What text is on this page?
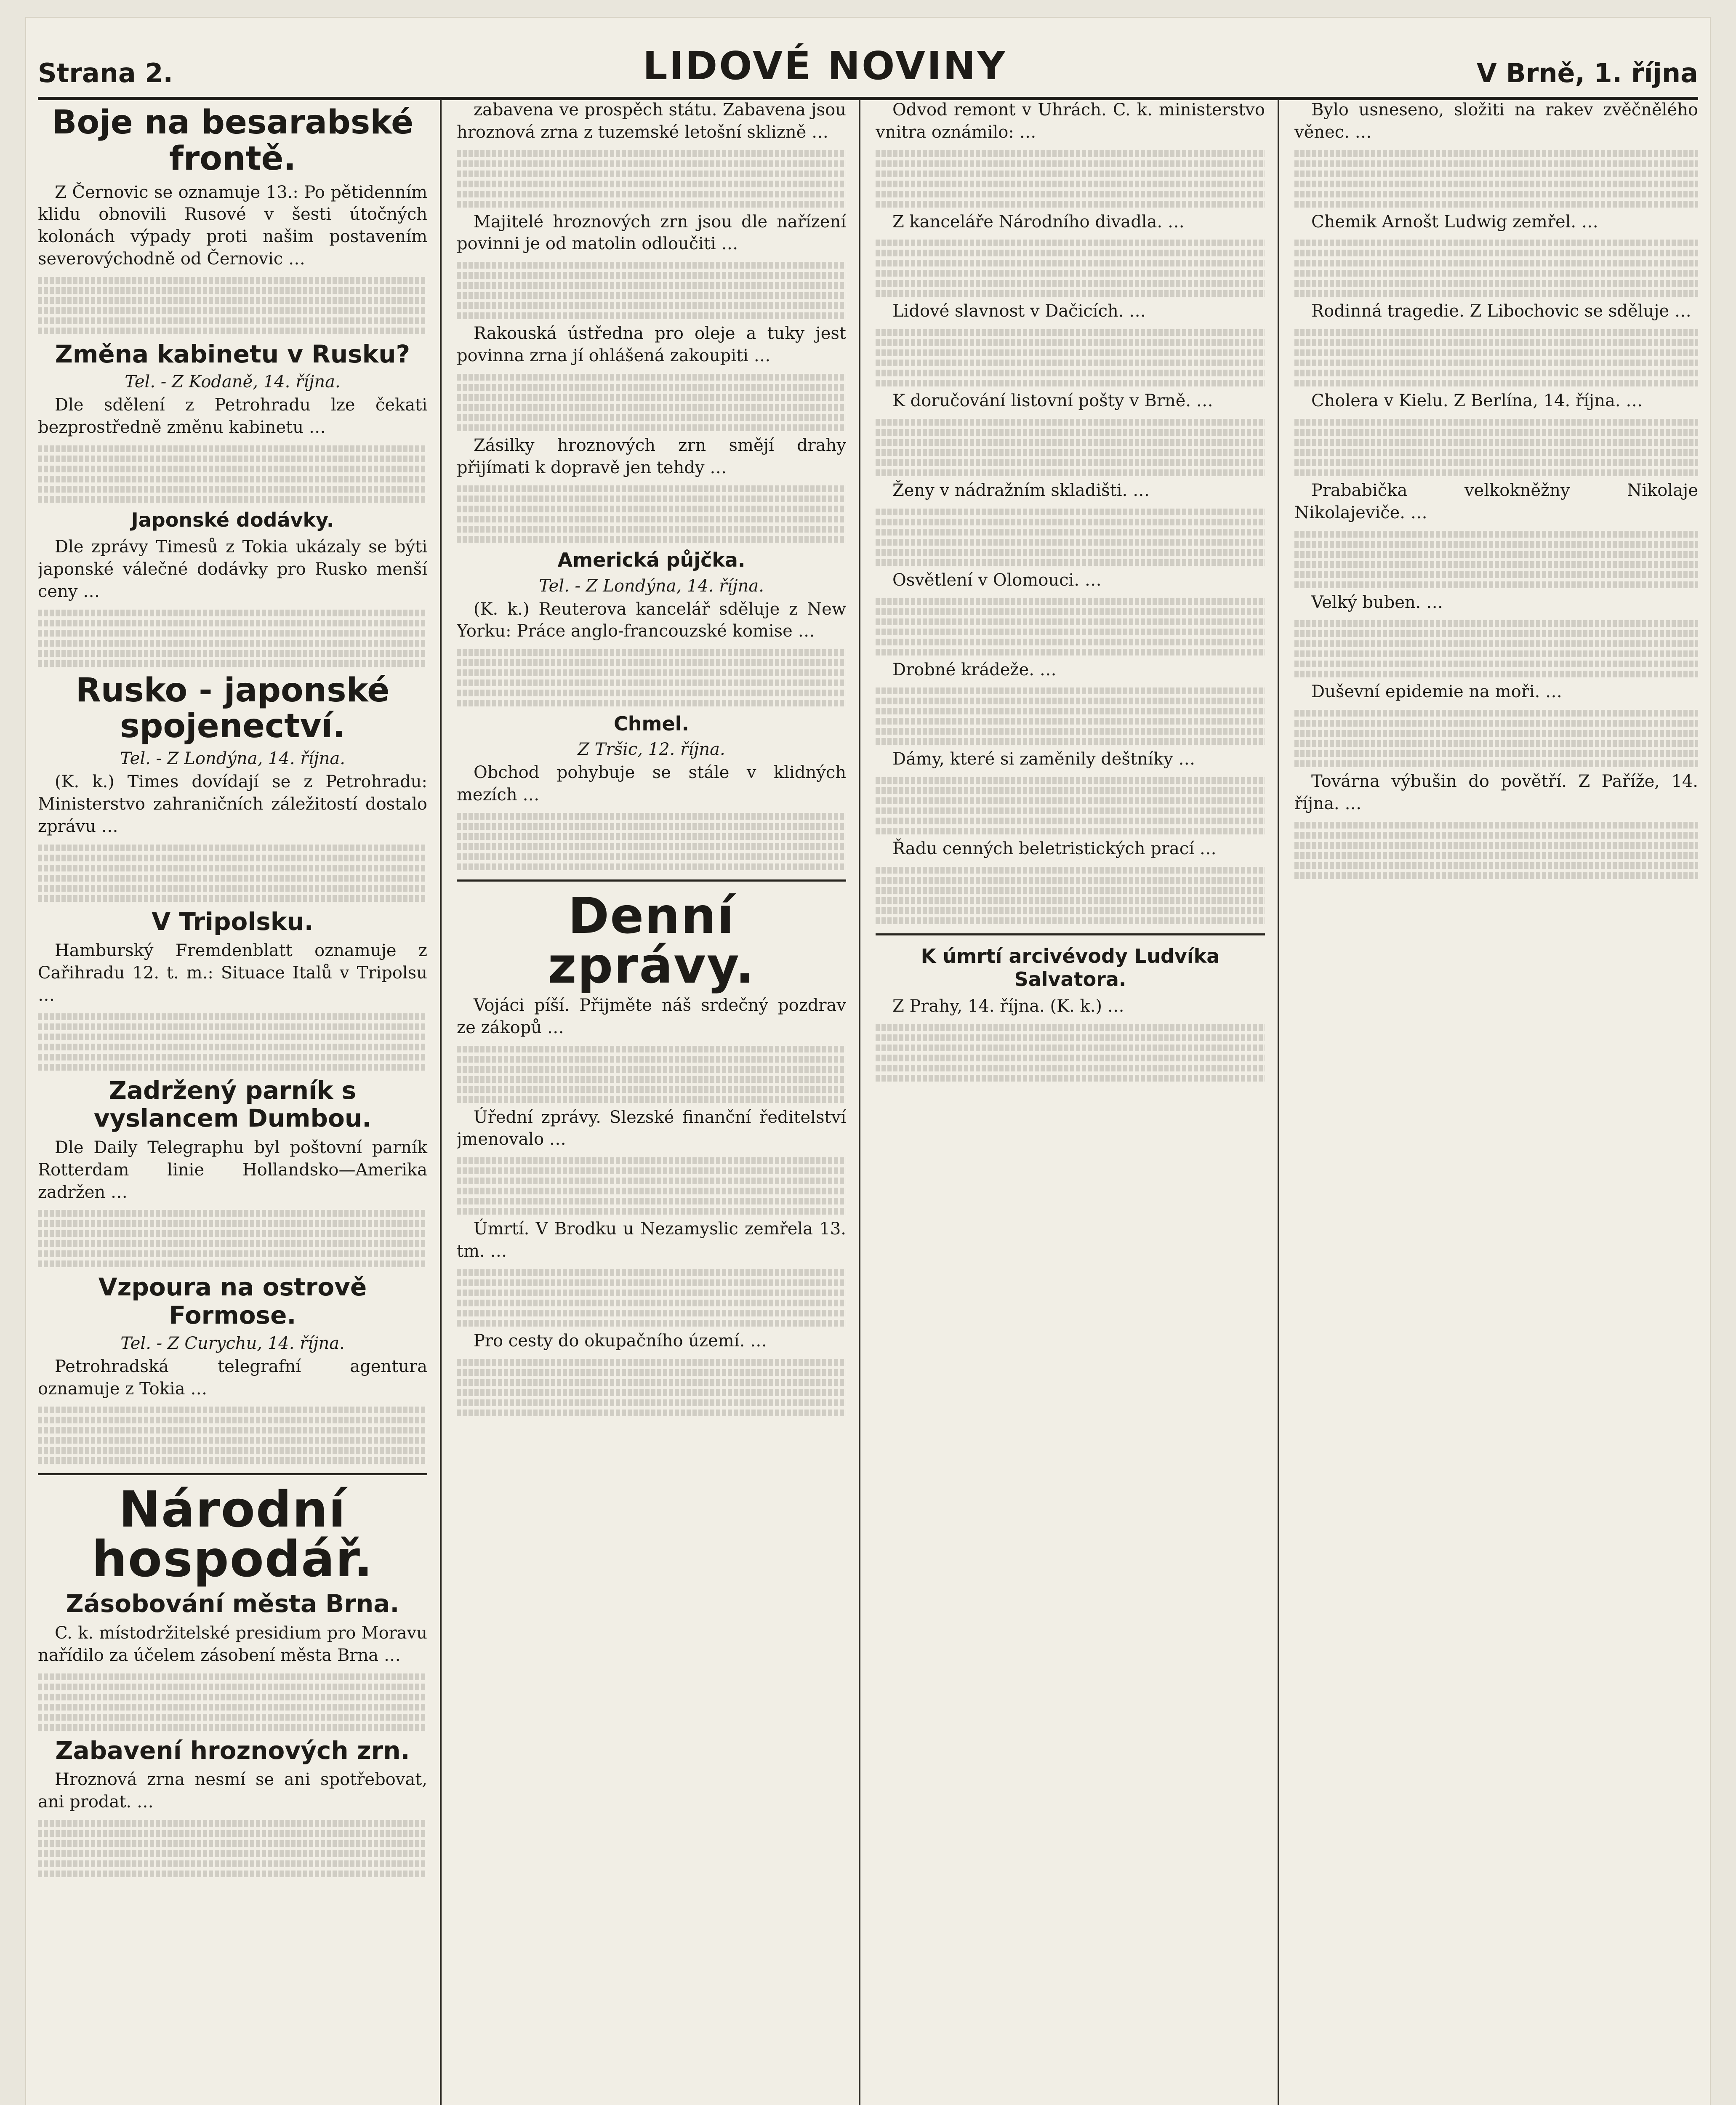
Strana 2.	LIDOVÉ NOVINY	V Brně, 1. října
Boje na besarabské frontě.

Z Černovic se oznamuje 13.: Po pětidenním klidu obnovili Rusové v šesti útočných kolonách výpady proti našim postavením severovýchodně od Černovic …

Změna kabinetu v Rusku?
Tel. - Z Kodaně, 14. října.

Dle sdělení z Petrohradu lze čekati bezprostředně změnu kabinetu …

Japonské dodávky.

Dle zprávy Timesů z Tokia ukázaly se býti japonské válečné dodávky pro Rusko menší ceny …

Rusko - japonské spojenectví.
Tel. - Z Londýna, 14. října.

(K. k.) Times dovídají se z Petrohradu: Ministerstvo zahraničních záležitostí dostalo zprávu …

V Tripolsku.

Hamburský Fremdenblatt oznamuje z Cařihradu 12. t. m.: Situace Italů v Tripolsu …

Zadržený parník s vyslancem Dumbou.

Dle Daily Telegraphu byl poštovní parník Rotterdam linie Hollandsko—Amerika zadržen …

Vzpoura na ostrově Formose.
Tel. - Z Curychu, 14. října.

Petrohradská telegrafní agentura oznamuje z Tokia …

Národní hospodář.
Zásobování města Brna.

C. k. místodržitelské presidium pro Moravu nařídilo za účelem zásobení města Brna …

Zabavení hroznových zrn.

Hroznová zrna nesmí se ani spotřebovat, ani prodat. …

zabavena ve prospěch státu. Zabavena jsou hroznová zrna z tuzemské letošní sklizně …

Majitelé hroznových zrn jsou dle nařízení povinni je od matolin odloučiti …

Rakouská ústředna pro oleje a tuky jest povinna zrna jí ohlášená zakoupiti …

Zásilky hroznových zrn smějí drahy přijímati k dopravě jen tehdy …

Americká půjčka.
Tel. - Z Londýna, 14. října.

(K. k.) Reuterova kancelář sděluje z New Yorku: Práce anglo-francouzské komise …

Chmel.
Z Tršic, 12. října.

Obchod pohybuje se stále v klidných mezích …

Denní zprávy.

Vojáci píší. Přijměte náš srdečný pozdrav ze zákopů …

Úřední zprávy. Slezské finanční ředitelství jmenovalo …

Úmrtí. V Brodku u Nezamyslic zemřela 13. tm. …

Pro cesty do okupačního území. …

Odvod remont v Uhrách. C. k. ministerstvo vnitra oznámilo: …

Z kanceláře Národního divadla. …

Lidové slavnost v Dačicích. …

K doručování listovní pošty v Brně. …

Ženy v nádražním skladišti. …

Osvětlení v Olomouci. …

Drobné krádeže. …

Dámy, které si zaměnily deštníky …

Řadu cenných beletristických prací …

K úmrtí arcivévody Ludvíka Salvatora.

Z Prahy, 14. října. (K. k.) …

Bylo usneseno, složiti na rakev zvěčnělého věnec. …

Chemik Arnošt Ludwig zemřel. …

Rodinná tragedie. Z Libochovic se sděluje …

Cholera v Kielu. Z Berlína, 14. října. …

Prababička velkokněžny Nikolaje Nikolajeviče. …

Velký buben. …

Duševní epidemie na moři. …

Továrna výbušin do povětří. Z Paříže, 14. října. …
